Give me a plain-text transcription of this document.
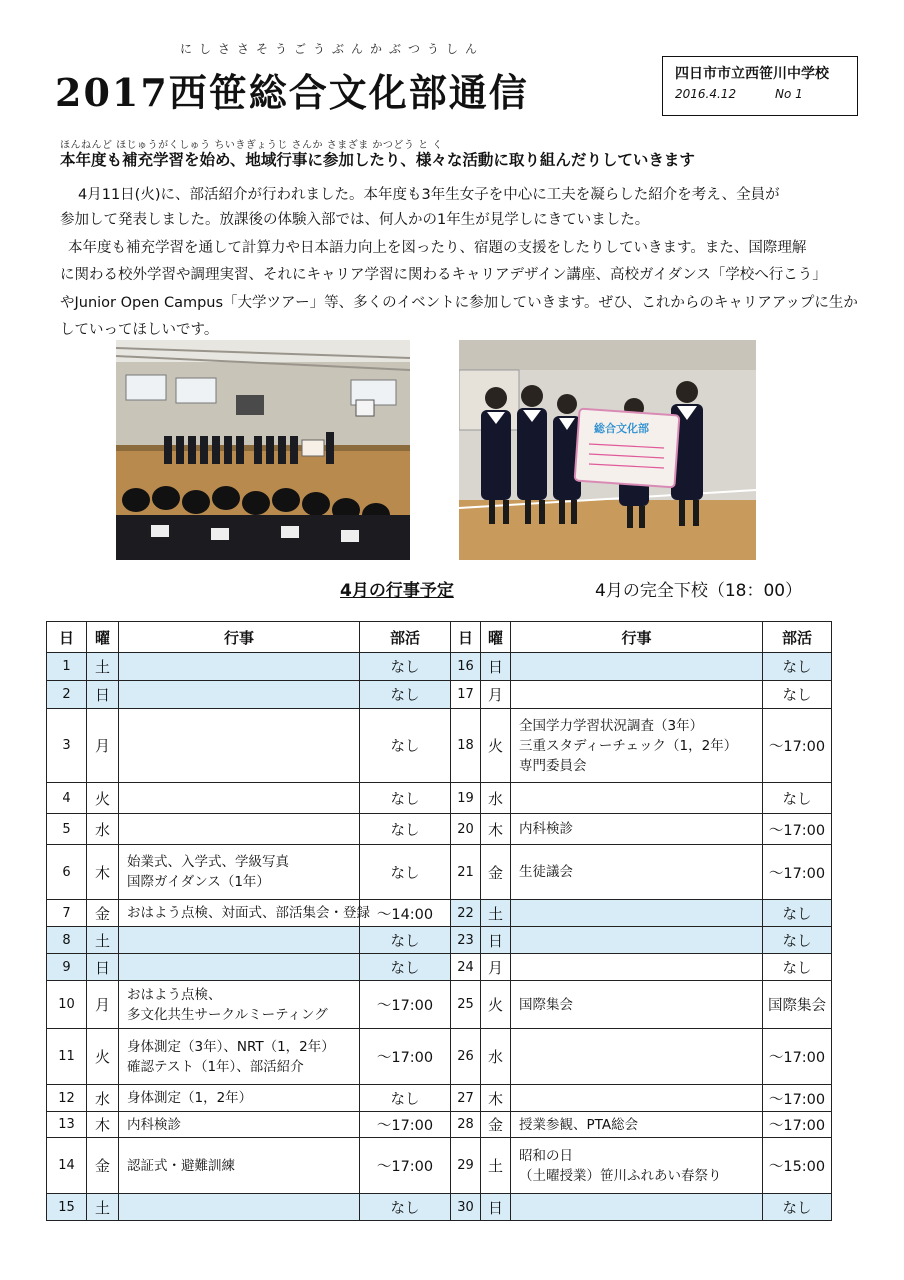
にしささそうごうぶんかぶつうしん
2017西笹総合文化部通信	四日市市立西笹川中学校
2016.4.12	No 1
ほんねんど ほじゅうがくしゅう ちいきぎょうじ さんか さまざま かつどう と く
本年度も補充学習を始め、地域行事に参加したり、様々な活動に取り組んだりしていきます
4月11日(火)に、部活紹介が行われました。本年度も3年生女子を中心に工夫を凝らした紹介を考え、全員が
参加して発表しました。放課後の体験入部では、何人かの1年生が見学しにきていました。
本年度も補充学習を通して計算力や日本語力向上を図ったり、宿題の支援をしたりしていきます。また、国際理解
に関わる校外学習や調理実習、それにキャリア学習に関わるキャリアデザイン講座、高校ガイダンス「学校へ行こう」
やJunior Open Campus「大学ツアー」等、多くのイベントに参加していきます。ぜひ、これからのキャリアアップに生か
していってほしいです。
総合文化部
4月の行事予定	4月の完全下校（18：00）
日	曜	行事	部活
1	土		なし
2	日		なし
3	月		なし
4	火		なし
5	水		なし
6	木	始業式、入学式、学級写真
国際ガイダンス（1年）	なし
7	金	おはよう点検、対面式、部活集会・登録	〜14:00
8	土		なし
9	日		なし
10	月	おはよう点検、
多文化共生サークルミーティング	〜17:00
11	火	身体測定（3年）、NRT（1，2年）
確認テスト（1年）、部活紹介	〜17:00
12	水	身体測定（1，2年）	なし
13	木	内科検診	〜17:00
14	金	認証式・避難訓練	〜17:00
15	土		なし
日	曜	行事	部活
16	日		なし
17	月		なし
18	火	全国学力学習状況調査（3年）
三重スタディーチェック（1，2年）
専門委員会	〜17:00
19	水		なし
20	木	内科検診	〜17:00
21	金	生徒議会	〜17:00
22	土		なし
23	日		なし
24	月		なし
25	火	国際集会	国際集会
26	水		〜17:00
27	木		〜17:00
28	金	授業参観、PTA総会	〜17:00
29	土	昭和の日
（土曜授業）笹川ふれあい春祭り	〜15:00
30	日		なし
